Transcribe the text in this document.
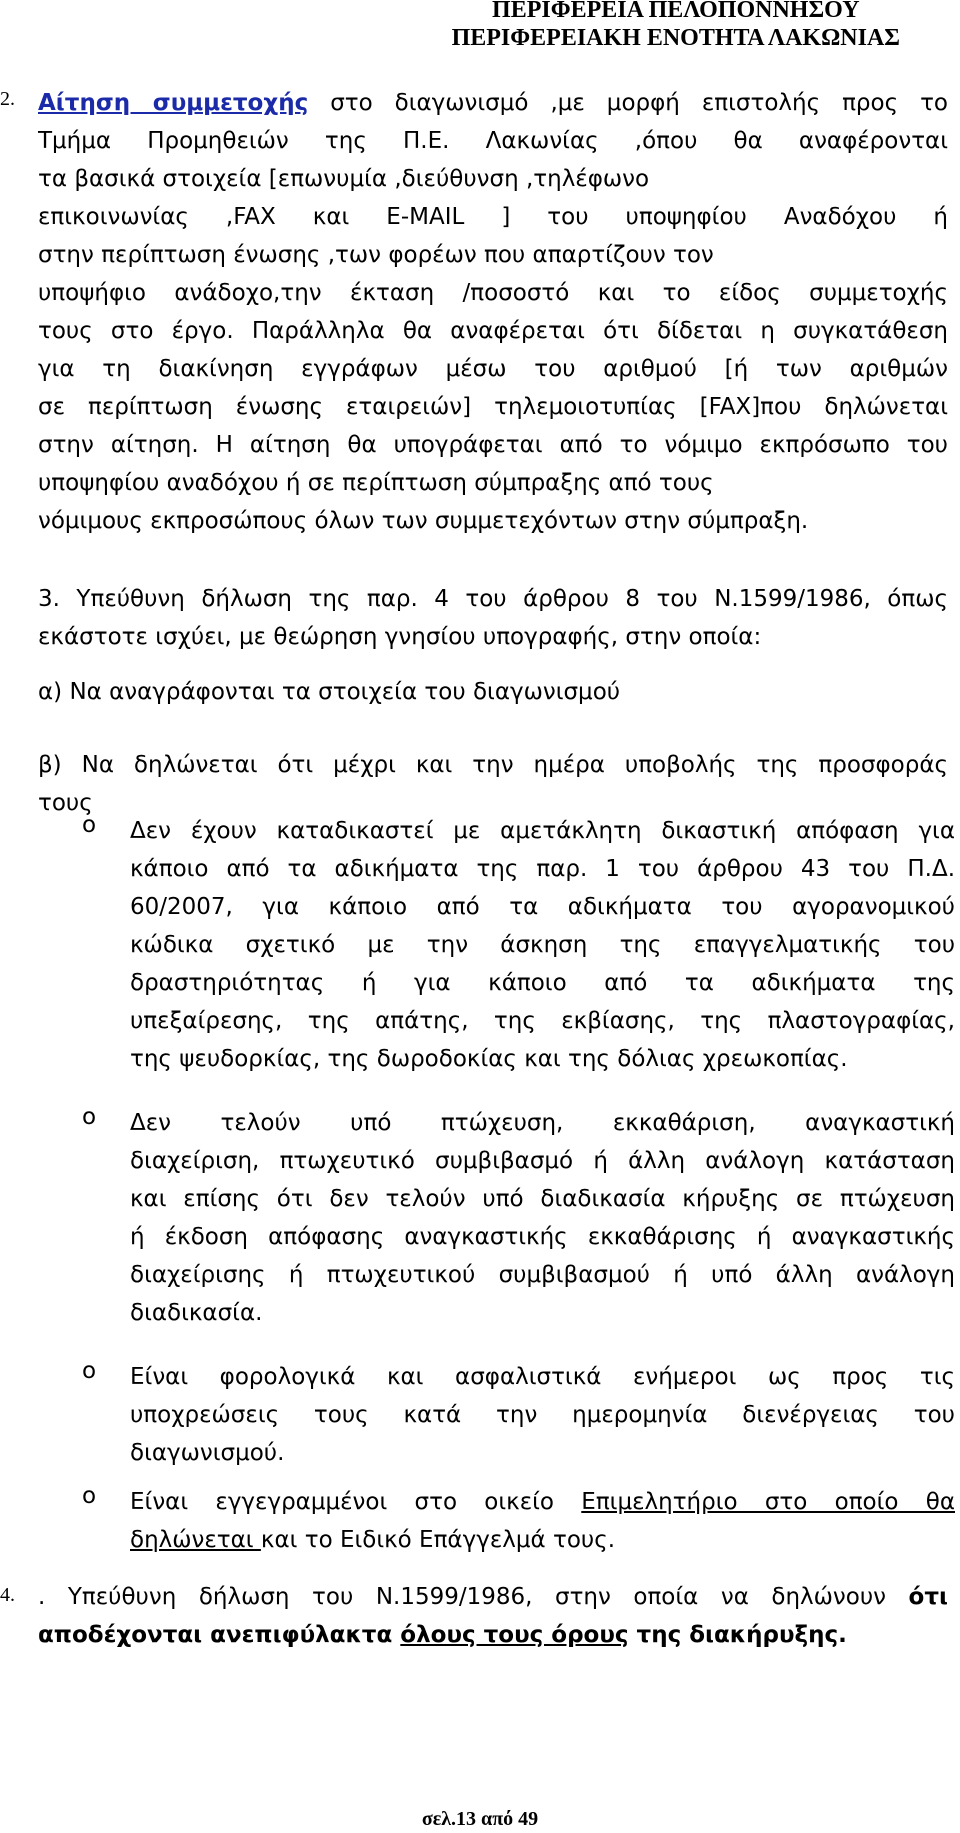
ΠΕΡΙΦΕΡΕΙΑ ΠΕΛΟΠΟΝΝΗΣΟΥ
ΠΕΡΙΦΕΡΕΙΑΚΗ ΕΝΟΤΗΤΑ ΛΑΚΩΝΙΑΣ
2. Αίτηση συμμετοχής στο διαγωνισμό ,με μορφή επιστολής προς το
Τμήμα Προμηθειών της Π.Ε. Λακωνίας ,όπου θα αναφέρονται
τα βασικά στοιχεία [επωνυμία ,διεύθυνση ,τηλέφωνο
επικοινωνίας ,FAX και E-MAIL ] του υποψηφίου Αναδόχου ή
στην περίπτωση ένωσης ,των φορέων που απαρτίζουν τον
υποψήφιο ανάδοχο,την έκταση /ποσοστό και το είδος συμμετοχής
τους στο έργο. Παράλληλα θα αναφέρεται ότι δίδεται η συγκατάθεση
για τη διακίνηση εγγράφων μέσω του αριθμού [ή των αριθμών
σε περίπτωση ένωσης εταιρειών] τηλεμοιοτυπίας [FAX]που δηλώνεται
στην αίτηση. Η αίτηση θα υπογράφεται από το νόμιμο εκπρόσωπο του
υποψηφίου αναδόχου ή σε περίπτωση σύμπραξης από τους
νόμιμους εκπροσώπους όλων των συμμετεχόντων στην σύμπραξη.
3. Υπεύθυνη δήλωση της παρ. 4 του άρθρου 8 του Ν.1599/1986, όπως
εκάστοτε ισχύει, με θεώρηση γνησίου υπογραφής, στην οποία:
α) Να αναγράφονται τα στοιχεία του διαγωνισμού
β) Να δηλώνεται ότι μέχρι και την ημέρα υποβολής της προσφοράς
τους
o Δεν έχουν καταδικαστεί με αμετάκλητη δικαστική απόφαση για
κάποιο από τα αδικήματα της παρ. 1 του άρθρου 43 του Π.Δ.
60/2007, για κάποιο από τα αδικήματα του αγορανομικού
κώδικα σχετικό με την άσκηση της επαγγελματικής του
δραστηριότητας ή για κάποιο από τα αδικήματα της
υπεξαίρεσης, της απάτης, της εκβίασης, της πλαστογραφίας,
της ψευδορκίας, της δωροδοκίας και της δόλιας χρεωκοπίας.
o Δεν τελούν υπό πτώχευση, εκκαθάριση, αναγκαστική
διαχείριση, πτωχευτικό συμβιβασμό ή άλλη ανάλογη κατάσταση
και επίσης ότι δεν τελούν υπό διαδικασία κήρυξης σε πτώχευση
ή έκδοση απόφασης αναγκαστικής εκκαθάρισης ή αναγκαστικής
διαχείρισης ή πτωχευτικού συμβιβασμού ή υπό άλλη ανάλογη
διαδικασία.
o Είναι φορολογικά και ασφαλιστικά ενήμεροι ως προς τις
υποχρεώσεις τους κατά την ημερομηνία διενέργειας του
διαγωνισμού.
o Είναι εγγεγραμμένοι στο οικείο Επιμελητήριο στο οποίο θα
δηλώνεται και το Ειδικό Επάγγελμά τους.
4. . Υπεύθυνη δήλωση του Ν.1599/1986, στην οποία να δηλώνουν ότι
αποδέχονται ανεπιφύλακτα όλους τους όρους της διακήρυξης.
σελ.13 από 49
